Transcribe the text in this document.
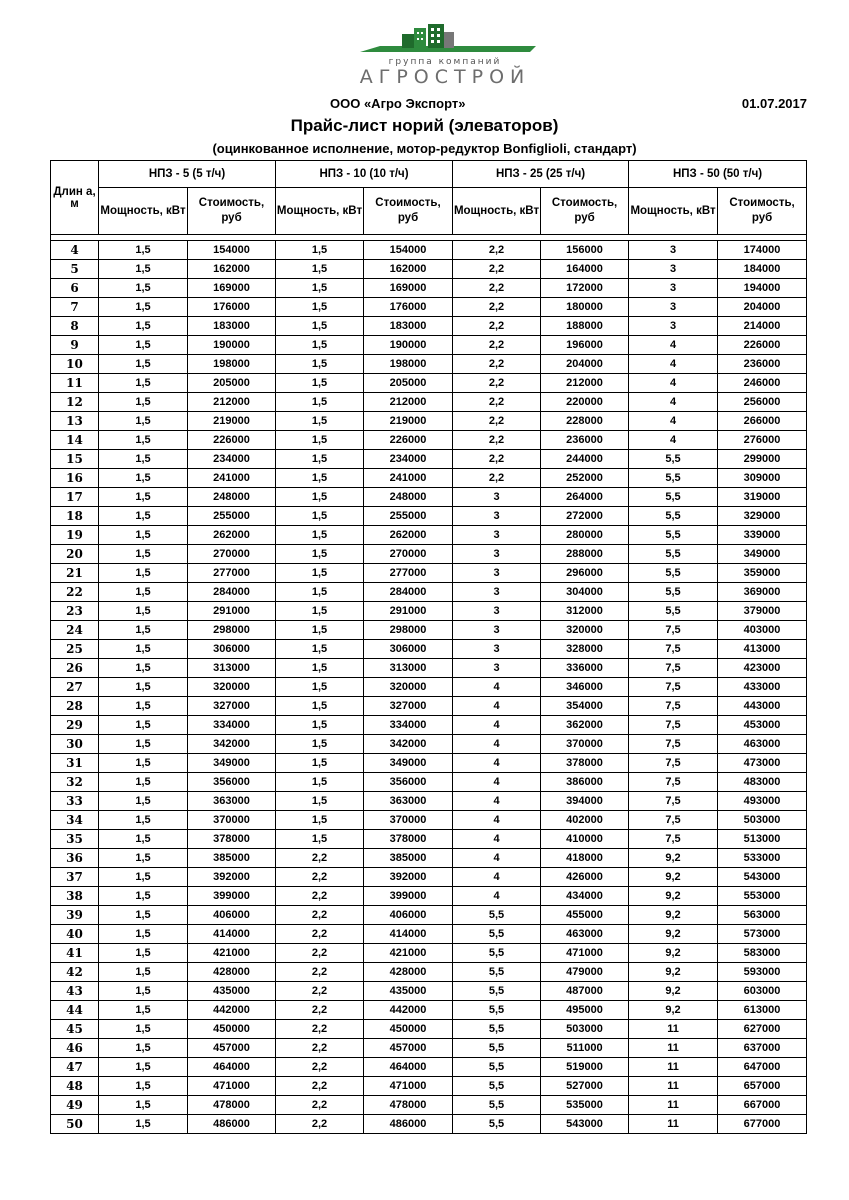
группа компаний
АГРОСТРОЙ
ООО «Агро Экспорт»	01.07.2017
Прайс-лист норий (элеваторов)
(оцинкованное исполнение, мотор-редуктор Bonfiglioli, стандарт)
Длин а, м	НПЗ - 5 (5 т/ч)		НПЗ - 10 (10 т/ч)		НПЗ - 25 (25 т/ч)		НПЗ - 50 (50 т/ч)	
	Мощность, кВт	Стоимость, руб	Мощность, кВт	Стоимость, руб	Мощность, кВт	Стоимость, руб	Мощность, кВт	Стоимость, руб

4	1,5	154000	1,5	154000	2,2	156000	3	174000
5	1,5	162000	1,5	162000	2,2	164000	3	184000
6	1,5	169000	1,5	169000	2,2	172000	3	194000
7	1,5	176000	1,5	176000	2,2	180000	3	204000
8	1,5	183000	1,5	183000	2,2	188000	3	214000
9	1,5	190000	1,5	190000	2,2	196000	4	226000
10	1,5	198000	1,5	198000	2,2	204000	4	236000
11	1,5	205000	1,5	205000	2,2	212000	4	246000
12	1,5	212000	1,5	212000	2,2	220000	4	256000
13	1,5	219000	1,5	219000	2,2	228000	4	266000
14	1,5	226000	1,5	226000	2,2	236000	4	276000
15	1,5	234000	1,5	234000	2,2	244000	5,5	299000
16	1,5	241000	1,5	241000	2,2	252000	5,5	309000
17	1,5	248000	1,5	248000	3	264000	5,5	319000
18	1,5	255000	1,5	255000	3	272000	5,5	329000
19	1,5	262000	1,5	262000	3	280000	5,5	339000
20	1,5	270000	1,5	270000	3	288000	5,5	349000
21	1,5	277000	1,5	277000	3	296000	5,5	359000
22	1,5	284000	1,5	284000	3	304000	5,5	369000
23	1,5	291000	1,5	291000	3	312000	5,5	379000
24	1,5	298000	1,5	298000	3	320000	7,5	403000
25	1,5	306000	1,5	306000	3	328000	7,5	413000
26	1,5	313000	1,5	313000	3	336000	7,5	423000
27	1,5	320000	1,5	320000	4	346000	7,5	433000
28	1,5	327000	1,5	327000	4	354000	7,5	443000
29	1,5	334000	1,5	334000	4	362000	7,5	453000
30	1,5	342000	1,5	342000	4	370000	7,5	463000
31	1,5	349000	1,5	349000	4	378000	7,5	473000
32	1,5	356000	1,5	356000	4	386000	7,5	483000
33	1,5	363000	1,5	363000	4	394000	7,5	493000
34	1,5	370000	1,5	370000	4	402000	7,5	503000
35	1,5	378000	1,5	378000	4	410000	7,5	513000
36	1,5	385000	2,2	385000	4	418000	9,2	533000
37	1,5	392000	2,2	392000	4	426000	9,2	543000
38	1,5	399000	2,2	399000	4	434000	9,2	553000
39	1,5	406000	2,2	406000	5,5	455000	9,2	563000
40	1,5	414000	2,2	414000	5,5	463000	9,2	573000
41	1,5	421000	2,2	421000	5,5	471000	9,2	583000
42	1,5	428000	2,2	428000	5,5	479000	9,2	593000
43	1,5	435000	2,2	435000	5,5	487000	9,2	603000
44	1,5	442000	2,2	442000	5,5	495000	9,2	613000
45	1,5	450000	2,2	450000	5,5	503000	11	627000
46	1,5	457000	2,2	457000	5,5	511000	11	637000
47	1,5	464000	2,2	464000	5,5	519000	11	647000
48	1,5	471000	2,2	471000	5,5	527000	11	657000
49	1,5	478000	2,2	478000	5,5	535000	11	667000
50	1,5	486000	2,2	486000	5,5	543000	11	677000
